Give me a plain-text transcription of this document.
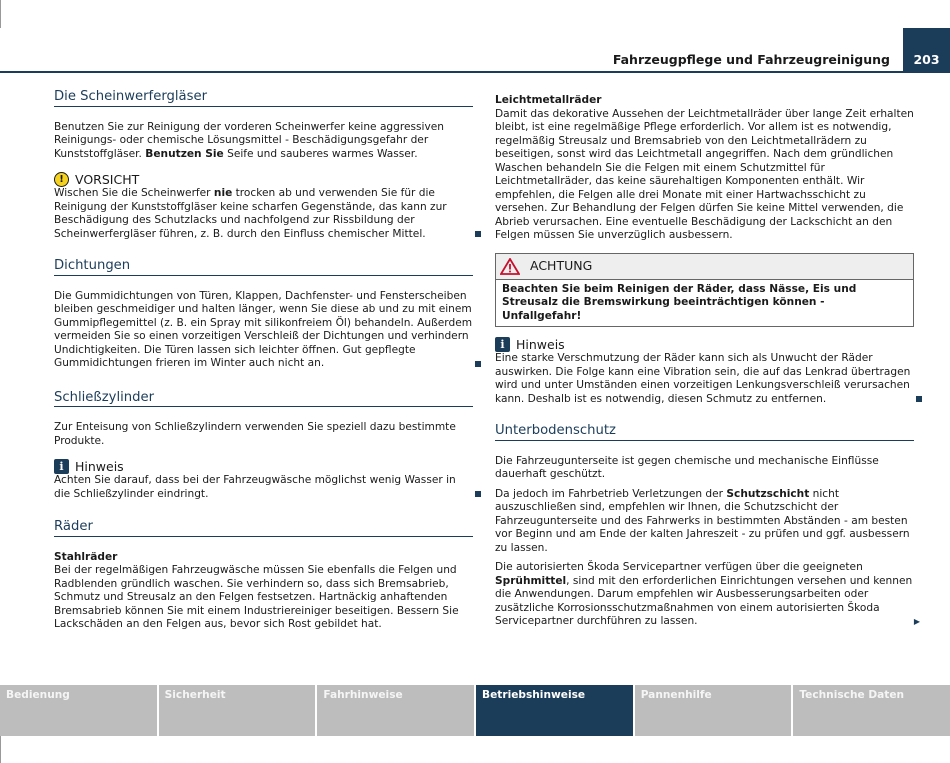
Fahrzeugpflege und Fahrzeugreinigung	203
Die Scheinwerfergläser

Benutzen Sie zur Reinigung der vorderen Scheinwerfer keine aggressiven Reinigungs- oder chemische Lösungsmittel - Beschädigungsgefahr der Kunststoffgläser. Benutzen Sie Seife und sauberes warmes Wasser.

! VORSICHT

Wischen Sie die Scheinwerfer nie trocken ab und verwenden Sie für die Reinigung der Kunststoffgläser keine scharfen Gegenstände, das kann zur Beschädigung des Schutzlacks und nachfolgend zur Rissbildung der Scheinwerfergläser führen, z. B. durch den Einfluss chemischer Mittel.

Dichtungen

Die Gummidichtungen von Türen, Klappen, Dachfenster- und Fensterscheiben bleiben geschmeidiger und halten länger, wenn Sie diese ab und zu mit einem Gummipflegemittel (z. B. ein Spray mit silikonfreiem Öl) behandeln. Außerdem vermeiden Sie so einen vorzeitigen Verschleiß der Dichtungen und verhindern Undichtigkeiten. Die Türen lassen sich leichter öffnen. Gut gepflegte Gummidichtungen frieren im Winter auch nicht an.

Schließzylinder

Zur Enteisung von Schließzylindern verwenden Sie speziell dazu bestimmte Produkte.

i Hinweis

Achten Sie darauf, dass bei der Fahrzeugwäsche möglichst wenig Wasser in die Schließzylinder eindringt.

Räder
Stahlräder

Bei der regelmäßigen Fahrzeugwäsche müssen Sie ebenfalls die Felgen und Radblenden gründlich waschen. Sie verhindern so, dass sich Bremsabrieb, Schmutz und Streusalz an den Felgen festsetzen. Hartnäckig anhaftenden Bremsabrieb können Sie mit einem Industriereiniger beseitigen. Bessern Sie Lackschäden an den Felgen aus, bevor sich Rost gebildet hat.

Leichtmetallräder

Damit das dekorative Aussehen der Leichtmetallräder über lange Zeit erhalten bleibt, ist eine regelmäßige Pflege erforderlich. Vor allem ist es notwendig, regelmäßig Streusalz und Bremsabrieb von den Leichtmetallrädern zu beseitigen, sonst wird das Leichtmetall angegriffen. Nach dem gründlichen Waschen behandeln Sie die Felgen mit einem Schutzmittel für Leichtmetallräder, das keine säurehaltigen Komponenten enthält. Wir empfehlen, die Felgen alle drei Monate mit einer Hartwachsschicht zu versehen. Zur Behandlung der Felgen dürfen Sie keine Mittel verwenden, die Abrieb verursachen. Eine eventuelle Beschädigung der Lackschicht an den Felgen müssen Sie unverzüglich ausbessern.

ACHTUNG
Beachten Sie beim Reinigen der Räder, dass Nässe, Eis und Streusalz die Bremswirkung beeinträchtigen können - Unfallgefahr!
i Hinweis

Eine starke Verschmutzung der Räder kann sich als Unwucht der Räder auswirken. Die Folge kann eine Vibration sein, die auf das Lenkrad übertragen wird und unter Umständen einen vorzeitigen Lenkungsverschleiß verursachen kann. Deshalb ist es notwendig, diesen Schmutz zu entfernen.

Unterbodenschutz

Die Fahrzeugunterseite ist gegen chemische und mechanische Einflüsse dauerhaft geschützt.

Da jedoch im Fahrbetrieb Verletzungen der Schutzschicht nicht auszuschließen sind, empfehlen wir Ihnen, die Schutzschicht der Fahrzeugunterseite und des Fahrwerks in bestimmten Abständen - am besten vor Beginn und am Ende der kalten Jahreszeit - zu prüfen und ggf. ausbessern zu lassen.

Die autorisierten Škoda Servicepartner verfügen über die geeigneten Sprühmittel, sind mit den erforderlichen Einrichtungen versehen und kennen die Anwendungen. Darum empfehlen wir Ausbesserungsarbeiten oder zusätzliche Korrosionsschutzmaßnahmen von einem autorisierten Škoda Servicepartner durchführen zu lassen.	▶

Bedienung	Sicherheit	Fahrhinweise	Betriebshinweise	Pannenhilfe	Technische Daten
